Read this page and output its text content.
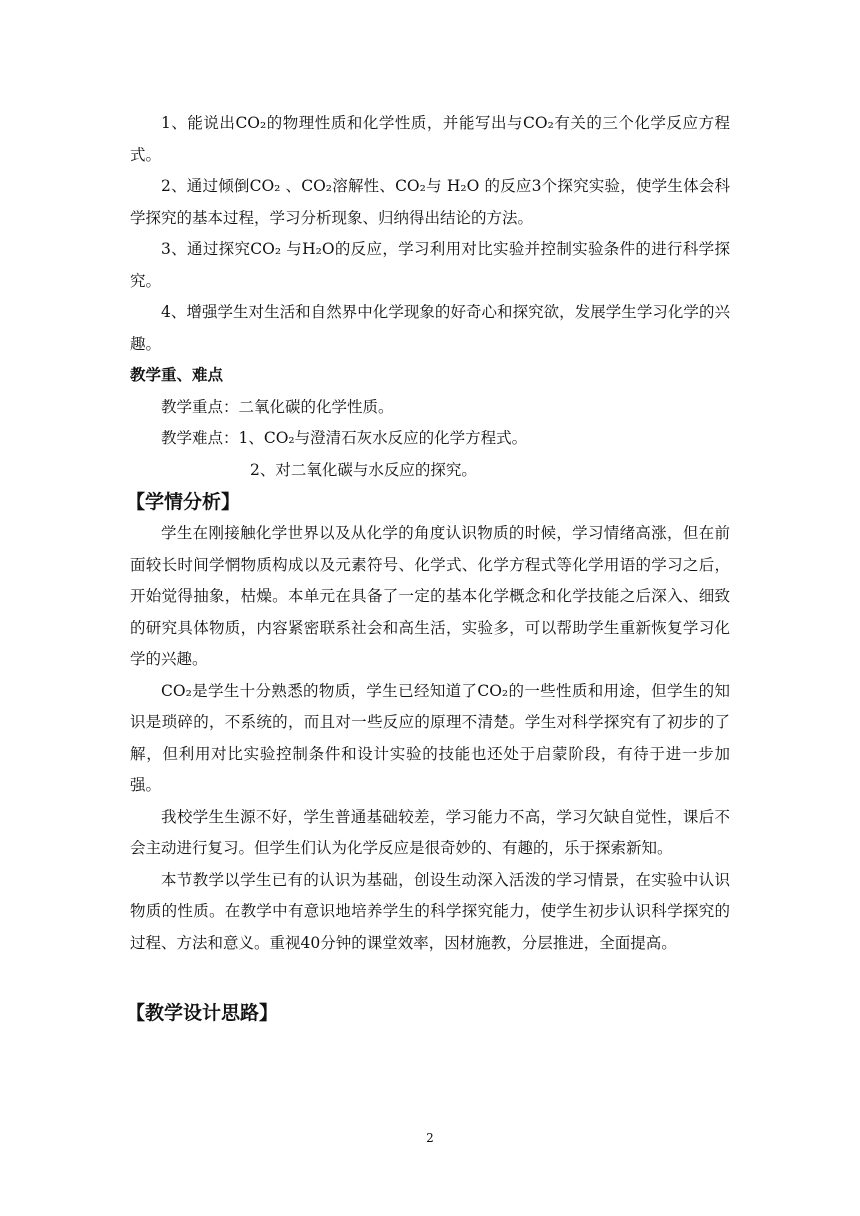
1、能说出CO₂的物理性质和化学性质，并能写出与CO₂有关的三个化学反应方程式。

2、通过倾倒CO₂ 、CO₂溶解性、CO₂与 H₂O 的反应3个探究实验，使学生体会科学探究的基本过程，学习分析现象、归纳得出结论的方法。

3、通过探究CO₂ 与H₂O的反应，学习利用对比实验并控制实验条件的进行科学探究。

4、增强学生对生活和自然界中化学现象的好奇心和探究欲，发展学生学习化学的兴趣。

教学重、难点

教学重点：二氧化碳的化学性质。

教学难点：1、CO₂与澄清石灰水反应的化学方程式。

2、对二氧化碳与水反应的探究。

【学情分析】

学生在刚接触化学世界以及从化学的角度认识物质的时候，学习情绪高涨，但在前面较长时间学惘物质构成以及元素符号、化学式、化学方程式等化学用语的学习之后，开始觉得抽象，枯燥。本单元在具备了一定的基本化学概念和化学技能之后深入、细致的研究具体物质，内容紧密联系社会和高生活，实验多，可以帮助学生重新恢复学习化学的兴趣。

CO₂是学生十分熟悉的物质，学生已经知道了CO₂的一些性质和用途，但学生的知识是琐碎的，不系统的，而且对一些反应的原理不清楚。学生对科学探究有了初步的了解，但利用对比实验控制条件和设计实验的技能也还处于启蒙阶段，有待于进一步加强。

我校学生生源不好，学生普通基础较差，学习能力不高，学习欠缺自觉性，课后不会主动进行复习。但学生们认为化学反应是很奇妙的、有趣的，乐于探索新知。

本节教学以学生已有的认识为基础，创设生动深入活泼的学习情景，在实验中认识物质的性质。在教学中有意识地培养学生的科学探究能力，使学生初步认识科学探究的过程、方法和意义。重视40分钟的课堂效率，因材施教，分层推进，全面提高。

【教学设计思路】
2
